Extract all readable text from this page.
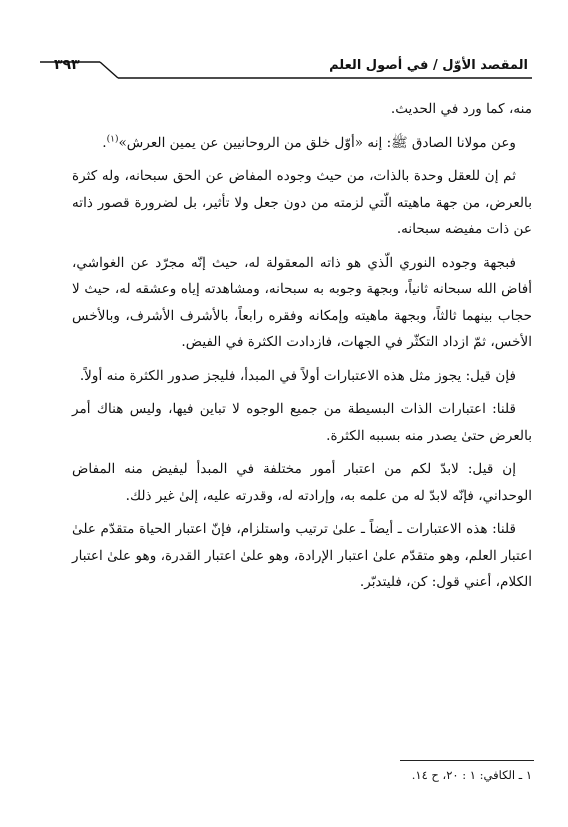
المقصد الأوّل / في أصول العلم
٣٩٣

منه، كما ورد في الحديث.

وعن مولانا الصادق ﷺ: إنه «أوّل خلق من الروحانيين عن يمين العرش»$^{(١)}$.

ثم إن للعقل وحدة بالذات، من حيث وجوده المفاض عن الحق سبحانه، وله كثرة بالعرض، من جهة ماهيته الّتي لزمته من دون جعل ولا تأثير، بل لضرورة قصور ذاته عن ذات مفيضه سبحانه.

فبجهة وجوده النوري الّذي هو ذاته المعقولة له، حيث إنّه مجرّد عن الغواشي، أفاض الله سبحانه ثانياً، وبجهة وجوبه به سبحانه، ومشاهدته إياه وعشقه له، حيث لا حجاب بينهما ثالثاً، وبجهة ماهيته وإمكانه وفقره رابعاً، بالأشرف الأشرف، وبالأخس الأخس، ثمّ ازداد التكثّر في الجهات، فازدادت الكثرة في الفيض.

فإن قيل: يجوز مثل هذه الاعتبارات أولاً في المبدأ، فليجز صدور الكثرة منه أولاً.

قلنا: اعتبارات الذات البسيطة من جميع الوجوه لا تباين فيها، وليس هناك أمر بالعرض حتىٰ يصدر منه بسببه الكثرة.

إن قيل: لابدّ لكم من اعتبار أمور مختلفة في المبدأ ليفيض منه المفاض الوحداني، فإنّه لابدّ له من علمه به، وإرادته له، وقدرته عليه، إلىٰ غير ذلك.

قلنا: هذه الاعتبارات ـ أيضاً ـ علىٰ ترتيب واستلزام، فإنّ اعتبار الحياة متقدّم علىٰ اعتبار العلم، وهو متقدّم علىٰ اعتبار الإرادة، وهو علىٰ اعتبار القدرة، وهو علىٰ اعتبار الكلام، أعني قول: كن، فليتدبّر.

١ ـ الكافي: ١ : ٢٠، ح ١٤.
